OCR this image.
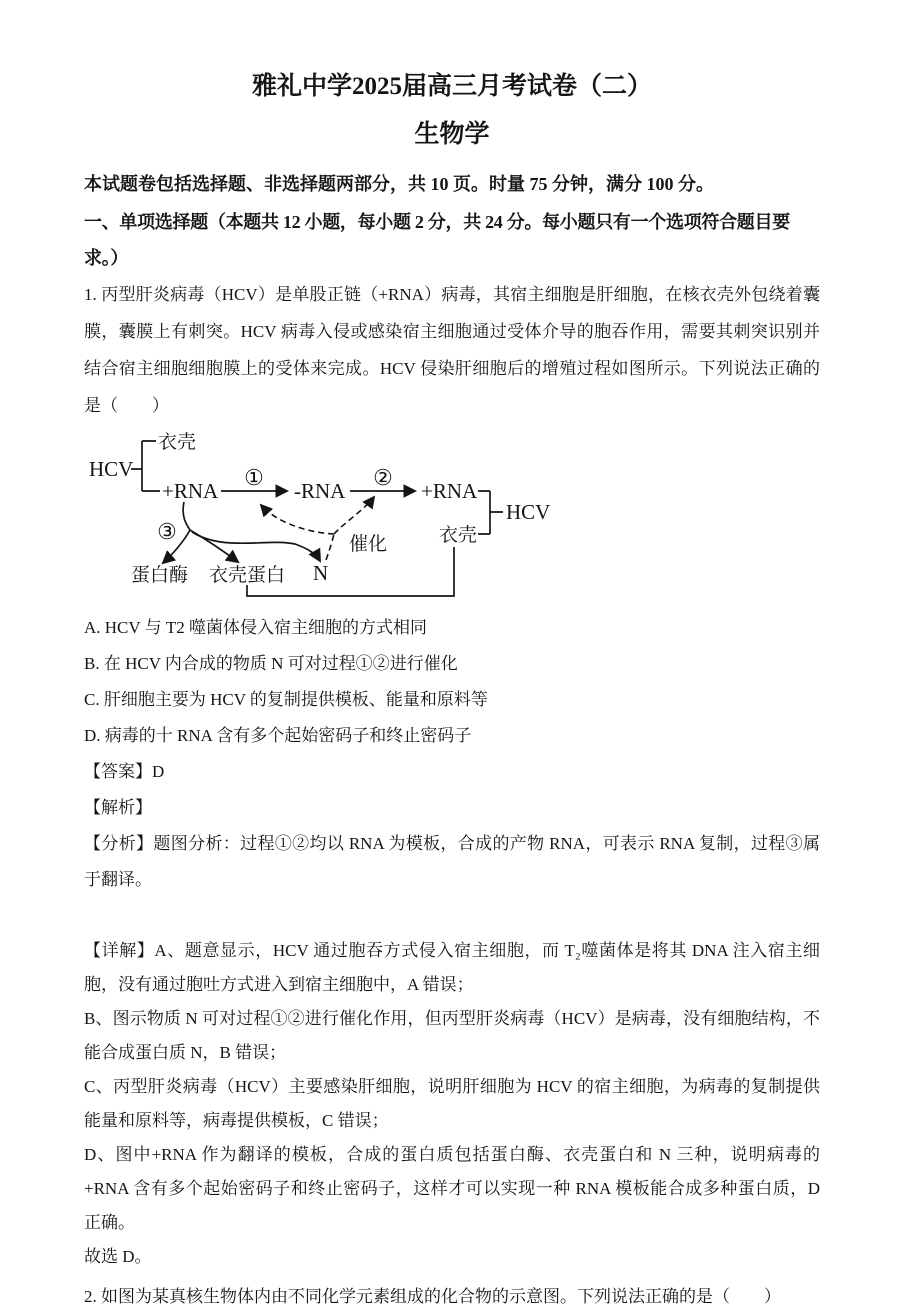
雅礼中学2025届高三月考试卷（二）
生物学

本试题卷包括选择题、非选择题两部分，共 10 页。时量 75 分钟，满分 100 分。

一、单项选择题（本题共 12 小题，每小题 2 分，共 24 分。每小题只有一个选项符合题目要求。）

1. 丙型肝炎病毒（HCV）是单股正链（+RNA）病毒，其宿主细胞是肝细胞，在核衣壳外包绕着囊膜，囊膜上有刺突。HCV 病毒入侵或感染宿主细胞通过受体介导的胞吞作用，需要其刺突识别并结合宿主细胞细胞膜上的受体来完成。HCV 侵染肝细胞后的增殖过程如图所示。下列说法正确的是（　　）

HCV
衣壳
+RNA
①
-RNA
②
+RNA
HCV
衣壳
③
催化
蛋白酶 衣壳蛋白 N

A. HCV 与 T2 噬菌体侵入宿主细胞的方式相同

B. 在 HCV 内合成的物质 N 可对过程①②进行催化

C. 肝细胞主要为 HCV 的复制提供模板、能量和原料等

D. 病毒的十 RNA 含有多个起始密码子和终止密码子

【答案】D

【解析】

【分析】题图分析：过程①②均以 RNA 为模板，合成的产物 RNA，可表示 RNA 复制，过程③属于翻译。

【详解】A、题意显示，HCV 通过胞吞方式侵入宿主细胞，而 T₂噬菌体是将其 DNA 注入宿主细胞，没有通过胞吐方式进入到宿主细胞中，A 错误；

B、图示物质 N 可对过程①②进行催化作用，但丙型肝炎病毒（HCV）是病毒，没有细胞结构，不能合成蛋白质 N，B 错误；

C、丙型肝炎病毒（HCV）主要感染肝细胞，说明肝细胞为 HCV 的宿主细胞，为病毒的复制提供能量和原料等，病毒提供模板，C 错误；

D、图中+RNA 作为翻译的模板，合成的蛋白质包括蛋白酶、衣壳蛋白和 N 三种，说明病毒的+RNA 含有多个起始密码子和终止密码子，这样才可以实现一种 RNA 模板能合成多种蛋白质，D 正确。

故选 D。

2. 如图为某真核生物体内由不同化学元素组成的化合物的示意图。下列说法正确的是（　　）
